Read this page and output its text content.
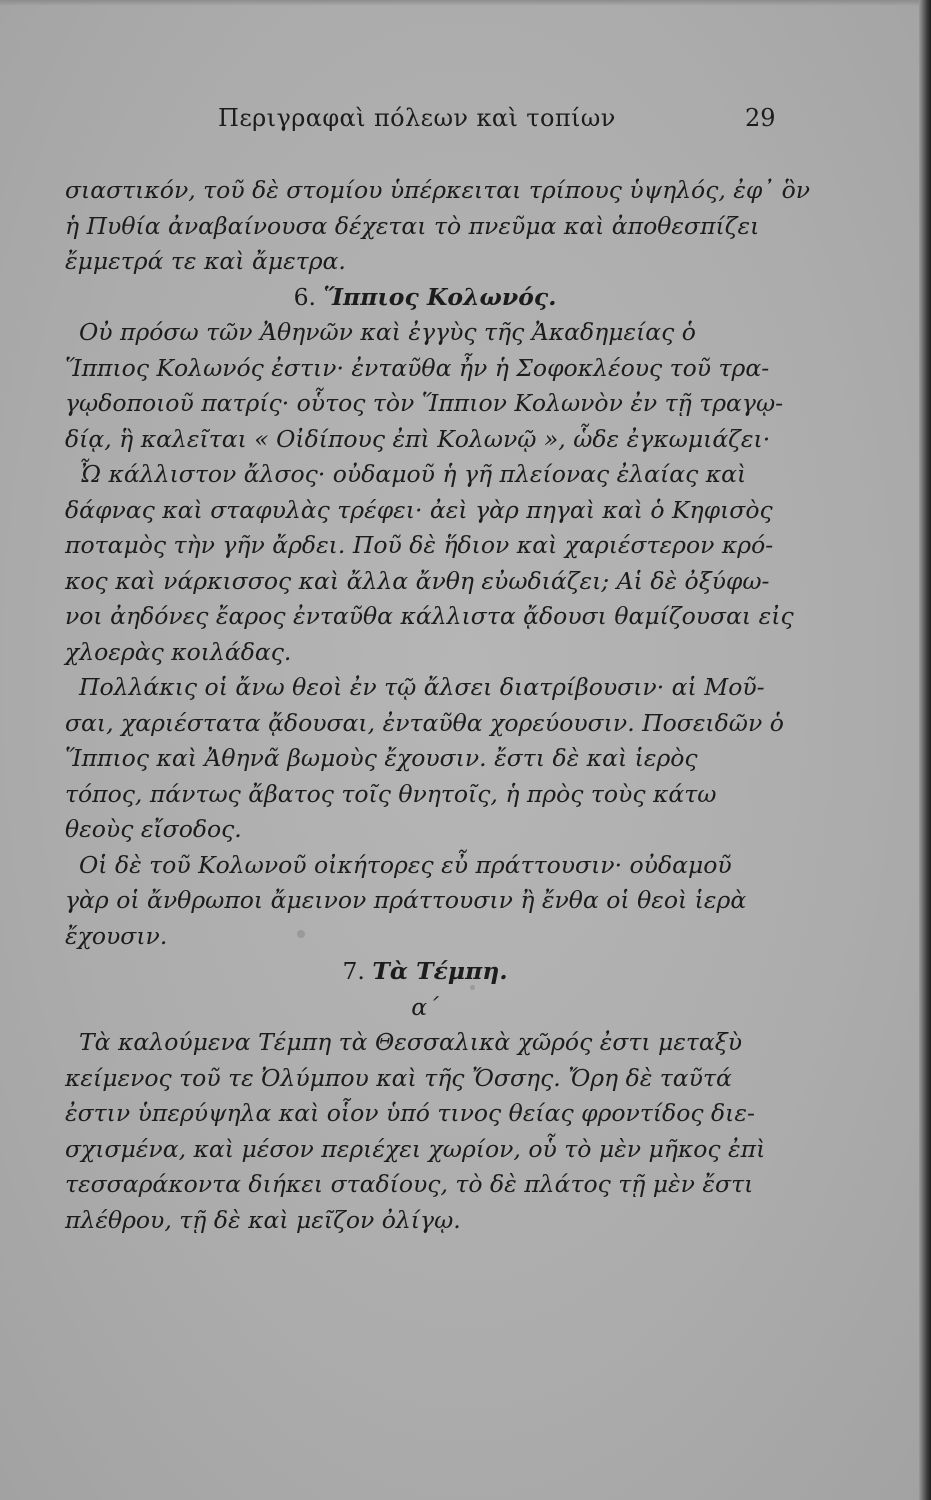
Περιγραφαὶ πόλεων καὶ τοπίων	29
σιαστικόν, τοῦ δὲ στομίου ὑπέρκειται τρίπους ὑψηλός, ἐφ᾽ ὃν
ἡ Πυθία ἀναβαίνουσα δέχεται τὸ πνεῦμα καὶ ἀποθεσπίζει
ἔμμετρά τε καὶ ἄμετρα.
6. Ἵππιος Κολωνός.
Οὐ πρόσω τῶν Ἀθηνῶν καὶ ἐγγὺς τῆς Ἀκαδημείας ὁ
Ἵππιος Κολωνός ἐστιν· ἐνταῦθα ἦν ἡ Σοφοκλέους τοῦ τρα-
γῳδοποιοῦ πατρίς· οὗτος τὸν Ἵππιον Κολωνὸν ἐν τῇ τραγῳ-
δίᾳ, ἣ καλεῖται « Οἰδίπους ἐπὶ Κολωνῷ », ὧδε ἐγκωμιάζει·
Ὦ κάλλιστον ἄλσος· οὐδαμοῦ ἡ γῆ πλείονας ἐλαίας καὶ
δάφνας καὶ σταφυλὰς τρέφει· ἀεὶ γὰρ πηγαὶ καὶ ὁ Κηφισὸς
ποταμὸς τὴν γῆν ἄρδει. Ποῦ δὲ ἥδιον καὶ χαριέστερον κρό-
κος καὶ νάρκισσος καὶ ἄλλα ἄνθη εὐωδιάζει; Αἱ δὲ ὀξύφω-
νοι ἀηδόνες ἔαρος ἐνταῦθα κάλλιστα ᾄδουσι θαμίζουσαι εἰς
χλοερὰς κοιλάδας.
Πολλάκις οἱ ἄνω θεοὶ ἐν τῷ ἄλσει διατρίβουσιν· αἱ Μοῦ-
σαι, χαριέστατα ᾄδουσαι, ἐνταῦθα χορεύουσιν. Ποσειδῶν ὁ
Ἵππιος καὶ Ἀθηνᾶ βωμοὺς ἔχουσιν. ἔστι δὲ καὶ ἱερὸς
τόπος, πάντως ἄβατος τοῖς θνητοῖς, ἡ πρὸς τοὺς κάτω
θεοὺς εἴσοδος.
Οἱ δὲ τοῦ Κολωνοῦ οἰκήτορες εὖ πράττουσιν· οὐδαμοῦ
γὰρ οἱ ἄνθρωποι ἄμεινον πράττουσιν ἢ ἔνθα οἱ θεοὶ ἱερὰ
ἔχουσιν.
7. Τὰ Τέμπη.
α΄
Τὰ καλούμενα Τέμπη τὰ Θεσσαλικὰ χῶρός ἐστι μεταξὺ
κείμενος τοῦ τε Ὀλύμπου καὶ τῆς Ὄσσης. Ὄρη δὲ ταῦτά
ἐστιν ὑπερύψηλα καὶ οἷον ὑπό τινος θείας φροντίδος διε-
σχισμένα, καὶ μέσον περιέχει χωρίον, οὗ τὸ μὲν μῆκος ἐπὶ
τεσσαράκοντα διήκει σταδίους, τὸ δὲ πλάτος τῇ μὲν ἔστι
πλέθρου, τῇ δὲ καὶ μεῖζον ὀλίγῳ.
